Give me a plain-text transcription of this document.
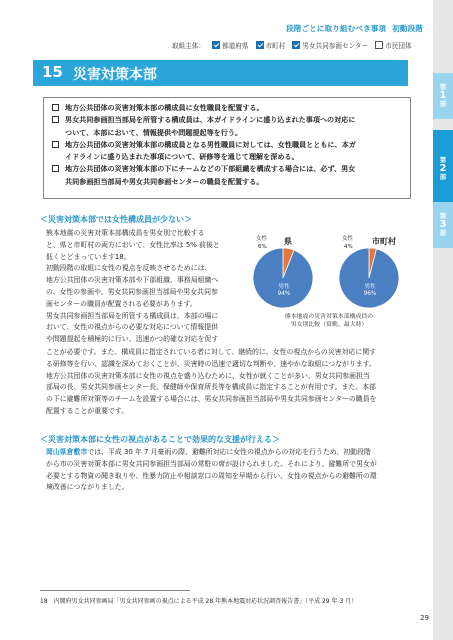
段階ごとに取り組むべき事項 初動段階
取組主体：	都道府県	市町村	男女共同参画センター	市民団体
第
1
部
第
2
部
第
3
部
15 災害対策本部
地方公共団体の災害対策本部の構成員に女性職員を配置する。
男女共同参画担当部局を所管する構成員は、本ガイドラインに盛り込まれた事項への対応に
ついて、本部において、情報提供や問題提起等を行う。
地方公共団体の災害対策本部の構成員となる男性職員に対しては、女性職員とともに、本ガ
イドラインに盛り込まれた事項について、研修等を通じて理解を深める。
地方公共団体の災害対策本部の下にチームなどの下部組織を構成する場合には、必ず、男女
共同参画担当部局や男女共同参画センターの職員を配置する。
＜災害対策本部では女性構成員が少ない＞
熊本地震の災害対策本部構成員を男女別で比較する
と、県と市町村の両方において、女性比率は 5% 前後と
低くとどまっています18。
初動段階の取組に女性の視点を反映させるためには、
地方公共団体の災害対策本部や下部組織、事務局組織へ
の、女性の参画や、男女共同参画担当部局や男女共同参
画センターの職員が配置される必要があります。
男女共同参画担当部局を所管する構成員は、本部の場に
おいて、女性の視点からの必要な対応について情報提供
や問題提起を積極的に行い、迅速かつ的確な対応を促す
県
女性
6%
男性
94%
市町村
女性
4%
男性
96%
熊本地震の災害対策本部構成員の
男女別比較（常勤、最大時）
ことが必要です。また、構成員に指定されている者に対して、継続的に、女性の視点からの災害対応に関す
る研修等を行い、認識を深めておくことが、災害時の迅速で適切な判断や、速やかな取組につながります。
地方公共団体の災害対策本部に女性の視点を盛り込むために、女性が就くことが多い、男女共同参画担当
部局の長、男女共同参画センター長、保健師や保育所長等を構成員に指定することが有用です。また、本部
の下に避難所対策等のチームを設置する場合には、男女共同参画担当部局や男女共同参画センターの職員を
配置することが重要です。
＜災害対策本部に女性の視点があることで効果的な支援が行える＞
岡山県倉敷市では、平成 30 年 7 月豪雨の際、避難所対応に女性の視点からの対応を行うため、初動段階
から市の災害対策本部に男女共同参画担当部局の常駐の席が設けられました。それにより、避難所で男女が
必要とする物資の聞き取りや、性暴力防止や相談窓口の周知を早期から行い、女性の視点からの避難所の環
境改善につながりました。
18　内閣府男女共同参画局「男女共同参画の視点による平成 28 年熊本地震対応状況調査報告書」（平成 29 年 3 月）
29
